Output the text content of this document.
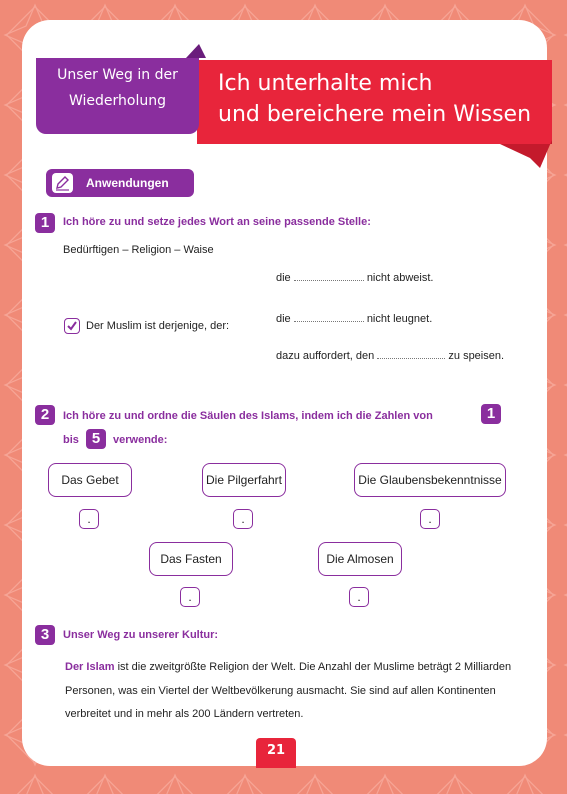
Ich unterhalte mich
und bereichere mein Wissen
Unser Weg in der
Wiederholung
Anwendungen
1	Ich höre zu und setze jedes Wort an seine passende Stelle:
Bedürftigen – Religion – Waise
die	nicht abweist.
die	nicht leugnet.
dazu auffordert, den	zu speisen.
Der Muslim ist derjenige, der:
2	Ich höre zu und ordne die Säulen des Islams, indem ich die Zahlen von	1
bis 5	verwende:
Das Gebet	Die Pilgerfahrt	Die Glaubensbekenntnisse
Das Fasten	Die Almosen
.	.	.
.	.
3	Unser Weg zu unserer Kultur:
Der Islam ist die zweitgrößte Religion der Welt. Die Anzahl der Muslime beträgt 2 Milliarden Personen, was ein Viertel der Weltbevölkerung ausmacht. Sie sind auf allen Kontinenten verbreitet und in mehr als 200 Ländern vertreten.
21
